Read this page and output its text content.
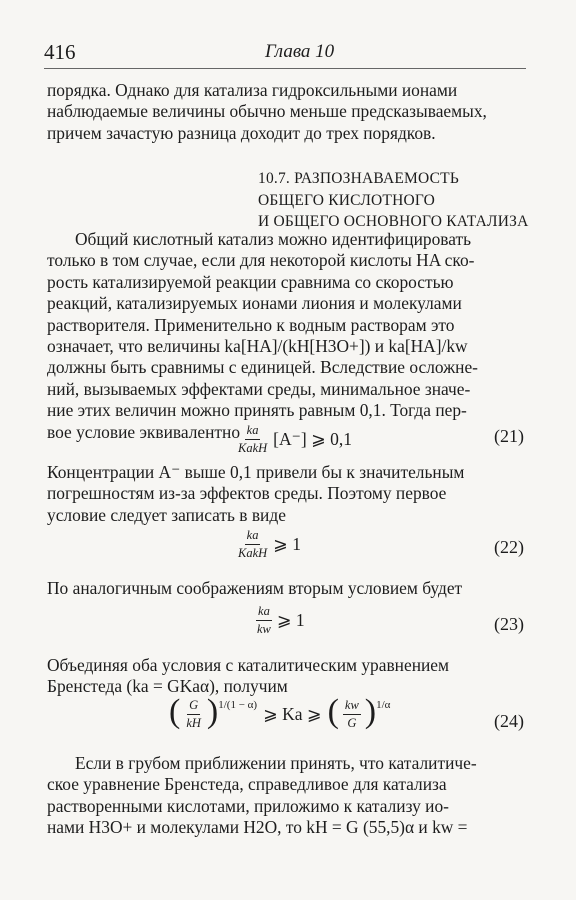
416	Глава 10
порядка. Однако для катализа гидроксильными ионами
наблюдаемые величины обычно меньше предсказываемых,
причем зачастую разница доходит до трех порядков.
10.7. РАЗПОЗНАВАЕМОСТЬ
ОБЩЕГО КИСЛОТНОГО
И ОБЩЕГО ОСНОВНОГО КАТАЛИЗА
Общий кислотный катализ можно идентифицировать
только в том случае, если для некоторой кислоты HA ско-
рость катализируемой реакции сравнима со скоростью
реакций, катализируемых ионами лиония и молекулами
растворителя. Применительно к водным растворам это
означает, что величины ka[HA]/(kH[H3O+]) и ka[HA]/kw
должны быть сравнимы с единицей. Вследствие осложне-
ний, вызываемых эффектами среды, минимальное значе-
ние этих величин можно принять равным 0,1. Тогда пер-
вое условие эквивалентно
$\frac{ka}{\text{KakH}} [A^-]$ ⩾ 0,1	(21)
Концентрации A⁻ выше 0,1 привели бы к значительным
погрешностям из-за эффектов среды. Поэтому первое
условие следует записать в виде
$\frac{ka}{\text{KakH}}$ ⩾ 1	(22)
По аналогичным соображениям вторым условием будет
$\frac{ka}{kw}$ ⩾ 1	(23)
Объединяя оба условия с каталитическим уравнением
Бренстеда (ka = GKaα), получим
( $\frac{G}{kH}$ ) 1/(1 − α) ⩾ Ka ⩾ ( $\frac{kw}{G}$ ) 1/α
(24)
Если в грубом приближении принять, что каталитиче-
ское уравнение Бренстеда, справедливое для катализа
растворенными кислотами, приложимо к катализу ио-
нами H3O+ и молекулами H2O, то kH = G (55,5)α и kw =
